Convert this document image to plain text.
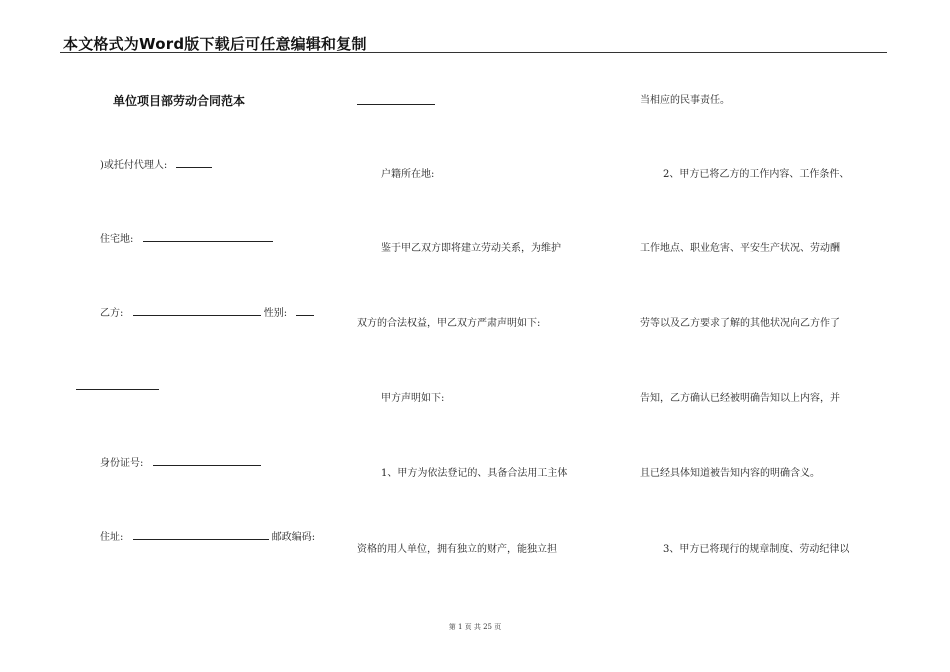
本文格式为Word版下载后可任意编辑和复制
单位项目部劳动合同范本
)或托付代理人:
住宅地:
乙方:	性别:
身份证号:
住址:	邮政编码:
户籍所在地:
鉴于甲乙双方即将建立劳动关系，为维护
双方的合法权益，甲乙双方严肃声明如下:
甲方声明如下:
1、甲方为依法登记的、具备合法用工主体
资格的用人单位，拥有独立的财产，能独立担
当相应的民事责任。
2、甲方已将乙方的工作内容、工作条件、
工作地点、职业危害、平安生产状况、劳动酬
劳等以及乙方要求了解的其他状况向乙方作了
告知，乙方确认已经被明确告知以上内容，并
且已经具体知道被告知内容的明确含义。
3、甲方已将现行的规章制度、劳动纪律以
第 1 页 共 25 页
